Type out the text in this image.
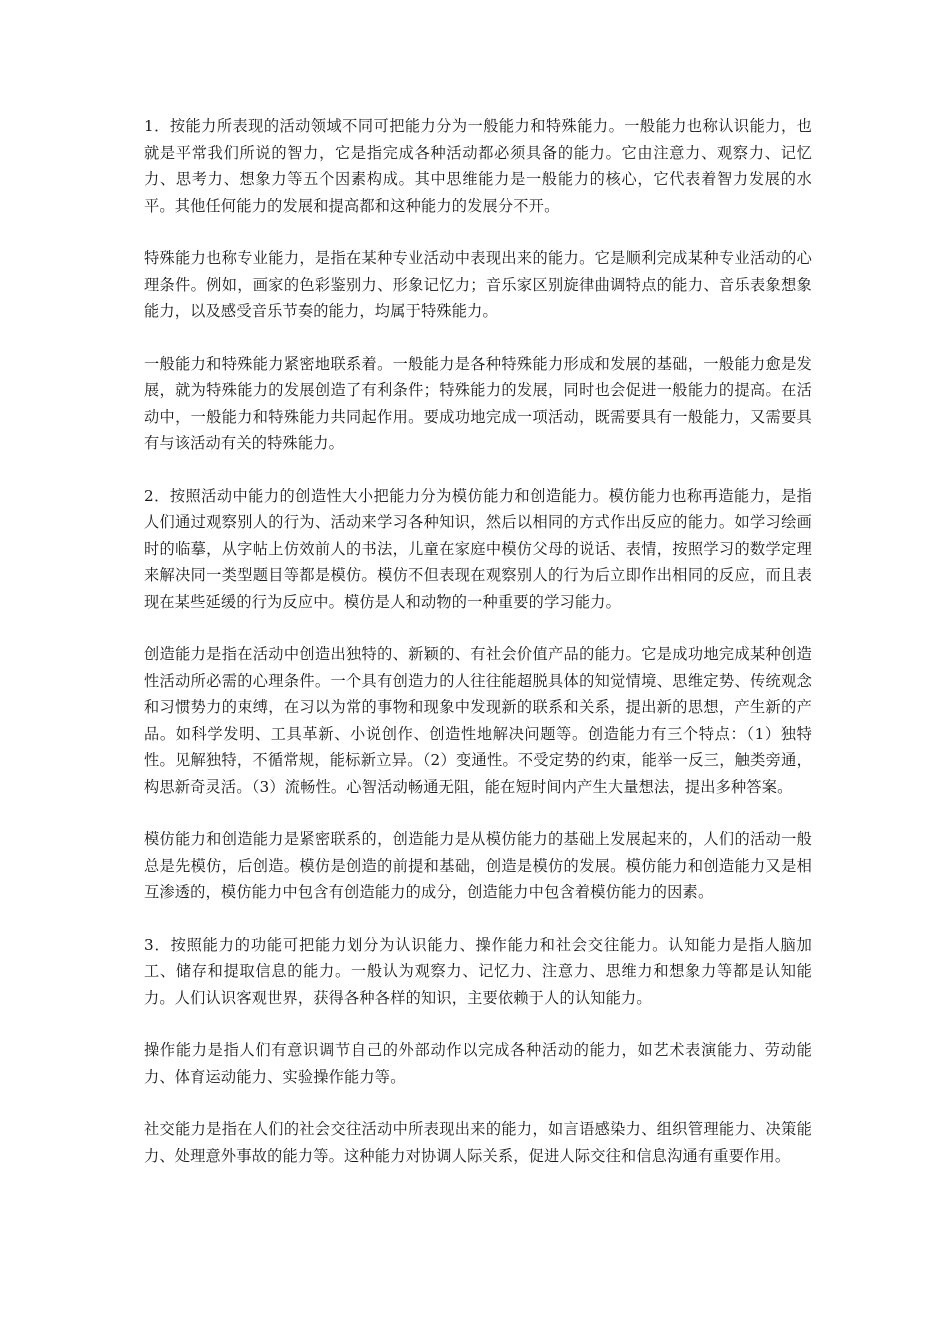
1．按能力所表现的活动领域不同可把能力分为一般能力和特殊能力。一般能力也称认识能力，也就是平常我们所说的智力，它是指完成各种活动都必须具备的能力。它由注意力、观察力、记忆力、思考力、想象力等五个因素构成。其中思维能力是一般能力的核心，它代表着智力发展的水平。其他任何能力的发展和提高都和这种能力的发展分不开。

特殊能力也称专业能力，是指在某种专业活动中表现出来的能力。它是顺利完成某种专业活动的心理条件。例如，画家的色彩鉴别力、形象记忆力；音乐家区别旋律曲调特点的能力、音乐表象想象能力，以及感受音乐节奏的能力，均属于特殊能力。

一般能力和特殊能力紧密地联系着。一般能力是各种特殊能力形成和发展的基础，一般能力愈是发展，就为特殊能力的发展创造了有利条件；特殊能力的发展，同时也会促进一般能力的提高。在活动中，一般能力和特殊能力共同起作用。要成功地完成一项活动，既需要具有一般能力，又需要具有与该活动有关的特殊能力。

2．按照活动中能力的创造性大小把能力分为模仿能力和创造能力。模仿能力也称再造能力，是指人们通过观察别人的行为、活动来学习各种知识，然后以相同的方式作出反应的能力。如学习绘画时的临摹，从字帖上仿效前人的书法，儿童在家庭中模仿父母的说话、表情，按照学习的数学定理来解决同一类型题目等都是模仿。模仿不但表现在观察别人的行为后立即作出相同的反应，而且表现在某些延缓的行为反应中。模仿是人和动物的一种重要的学习能力。

创造能力是指在活动中创造出独特的、新颖的、有社会价值产品的能力。它是成功地完成某种创造性活动所必需的心理条件。一个具有创造力的人往往能超脱具体的知觉情境、思维定势、传统观念和习惯势力的束缚，在习以为常的事物和现象中发现新的联系和关系，提出新的思想，产生新的产品。如科学发明、工具革新、小说创作、创造性地解决问题等。创造能力有三个特点：（1）独特性。见解独特，不循常规，能标新立异。（2）变通性。不受定势的约束，能举一反三，触类旁通，构思新奇灵活。（3）流畅性。心智活动畅通无阻，能在短时间内产生大量想法，提出多种答案。

模仿能力和创造能力是紧密联系的，创造能力是从模仿能力的基础上发展起来的，人们的活动一般总是先模仿，后创造。模仿是创造的前提和基础，创造是模仿的发展。模仿能力和创造能力又是相互渗透的，模仿能力中包含有创造能力的成分，创造能力中包含着模仿能力的因素。

3．按照能力的功能可把能力划分为认识能力、操作能力和社会交往能力。认知能力是指人脑加工、储存和提取信息的能力。一般认为观察力、记忆力、注意力、思维力和想象力等都是认知能力。人们认识客观世界，获得各种各样的知识，主要依赖于人的认知能力。

操作能力是指人们有意识调节自己的外部动作以完成各种活动的能力，如艺术表演能力、劳动能力、体育运动能力、实验操作能力等。

社交能力是指在人们的社会交往活动中所表现出来的能力，如言语感染力、组织管理能力、决策能力、处理意外事故的能力等。这种能力对协调人际关系，促进人际交往和信息沟通有重要作用。
